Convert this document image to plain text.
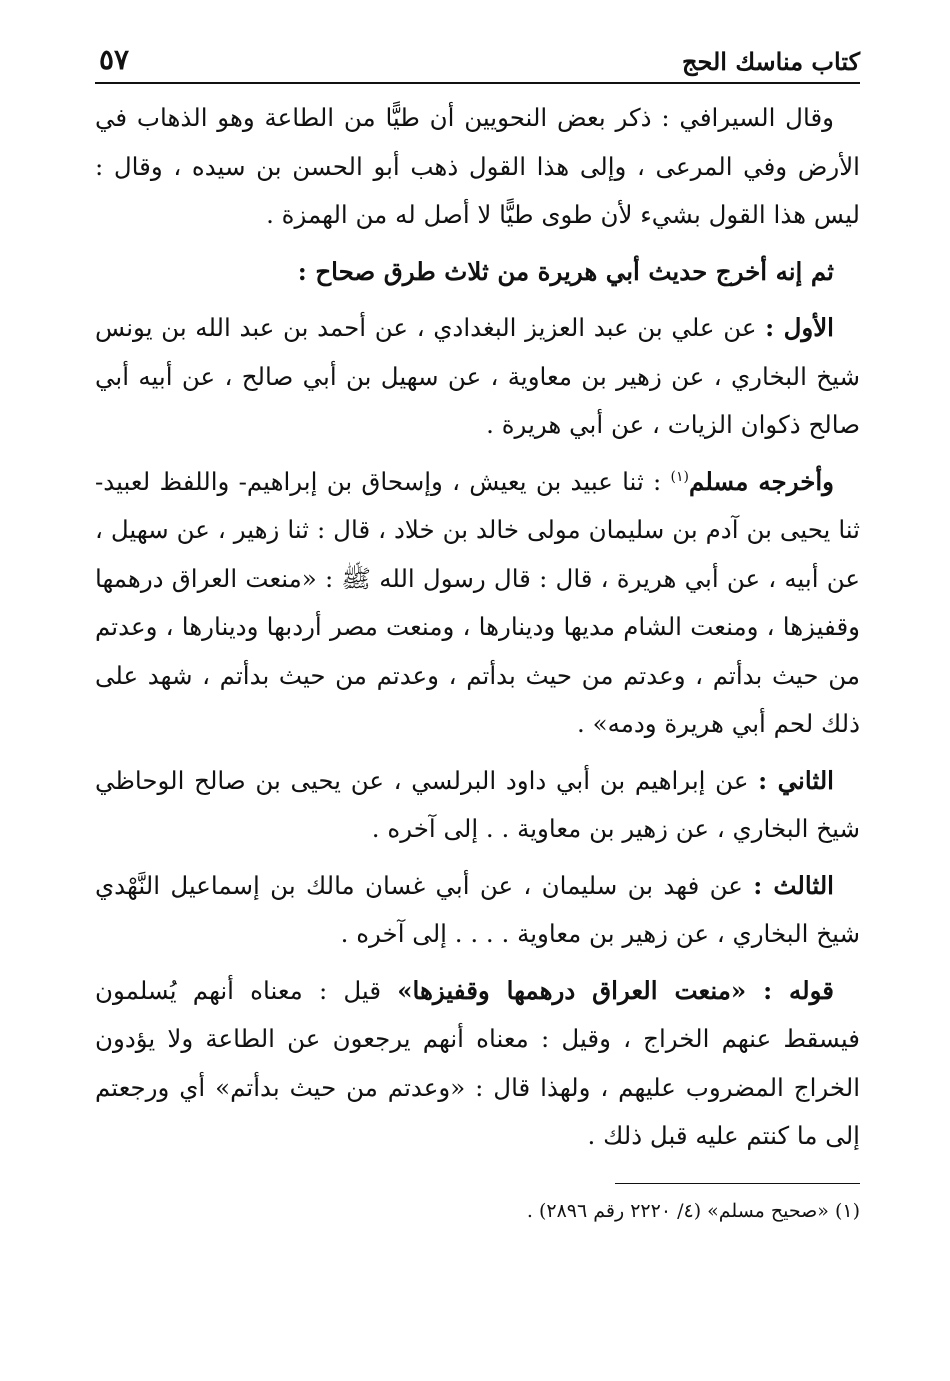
كتاب مناسك الحج
٥٧

وقال السيرافي : ذكر بعض النحويين أن طيًّا من الطاعة وهو الذهاب في الأرض وفي المرعى ، وإلى هذا القول ذهب أبو الحسن بن سيده ، وقال : ليس هذا القول بشيء لأن طوى طيًّا لا أصل له من الهمزة .

ثم إنه أخرج حديث أبي هريرة من ثلاث طرق صحاح :

الأول : عن علي بن عبد العزيز البغدادي ، عن أحمد بن عبد الله بن يونس شيخ البخاري ، عن زهير بن معاوية ، عن سهيل بن أبي صالح ، عن أبيه أبي صالح ذكوان الزيات ، عن أبي هريرة .

وأخرجه مسلم$^{(١)}$ : ثنا عبيد بن يعيش ، وإسحاق بن إبراهيم- واللفظ لعبيد- ثنا يحيى بن آدم بن سليمان مولى خالد بن خلاد ، قال : ثنا زهير ، عن سهيل ، عن أبيه ، عن أبي هريرة ، قال : قال رسول الله ﷺ : «منعت العراق درهمها وقفيزها ، ومنعت الشام مديها ودينارها ، ومنعت مصر أردبها ودينارها ، وعدتم من حيث بدأتم ، وعدتم من حيث بدأتم ، وعدتم من حيث بدأتم ، شهد على ذلك لحم أبي هريرة ودمه» .

الثاني : عن إبراهيم بن أبي داود البرلسي ، عن يحيى بن صالح الوحاظي شيخ البخاري ، عن زهير بن معاوية . . إلى آخره .

الثالث : عن فهد بن سليمان ، عن أبي غسان مالك بن إسماعيل النَّهْدي شيخ البخاري ، عن زهير بن معاوية . . . . إلى آخره .

قوله : «منعت العراق درهمها وقفيزها» قيل : معناه أنهم يُسلمون فيسقط عنهم الخراج ، وقيل : معناه أنهم يرجعون عن الطاعة ولا يؤدون الخراج المضروب عليهم ، ولهذا قال : «وعدتم من حيث بدأتم» أي ورجعتم إلى ما كنتم عليه قبل ذلك .

(١) «صحيح مسلم» (٤/ ٢٢٢٠ رقم ٢٨٩٦) .
